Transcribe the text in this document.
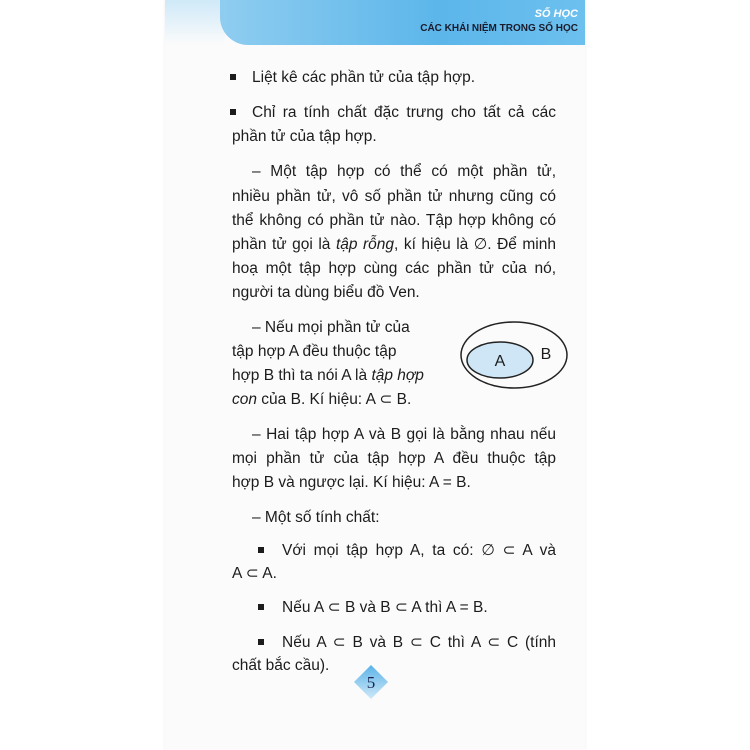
SỐ HỌC
CÁC KHÁI NIỆM TRONG SỐ HỌC
Liệt kê các phần tử của tập hợp.
Chỉ ra tính chất đặc trưng cho tất cả các
phần tử của tập hợp.
– Một tập hợp có thể có một phần tử,
nhiều phần tử, vô số phần tử nhưng cũng có
thể không có phần tử nào. Tập hợp không có
phần tử gọi là tập rỗng, kí hiệu là ∅. Để minh
hoạ một tập hợp cùng các phần tử của nó,
người ta dùng biểu đồ Ven.
– Nếu mọi phần tử của
tập hợp A đều thuộc tập
hợp B thì ta nói A là tập hợp
con của B. Kí hiệu: A ⊂ B.
A B
– Hai tập hợp A và B gọi là bằng nhau nếu
mọi phần tử của tập hợp A đều thuộc tập
hợp B và ngược lại. Kí hiệu: A = B.
– Một số tính chất:
Với mọi tập hợp A, ta có: ∅ ⊂ A và
A ⊂ A.
Nếu A ⊂ B và B ⊂ A thì A = B.
Nếu A ⊂ B và B ⊂ C thì A ⊂ C (tính
chất bắc cầu).
5
